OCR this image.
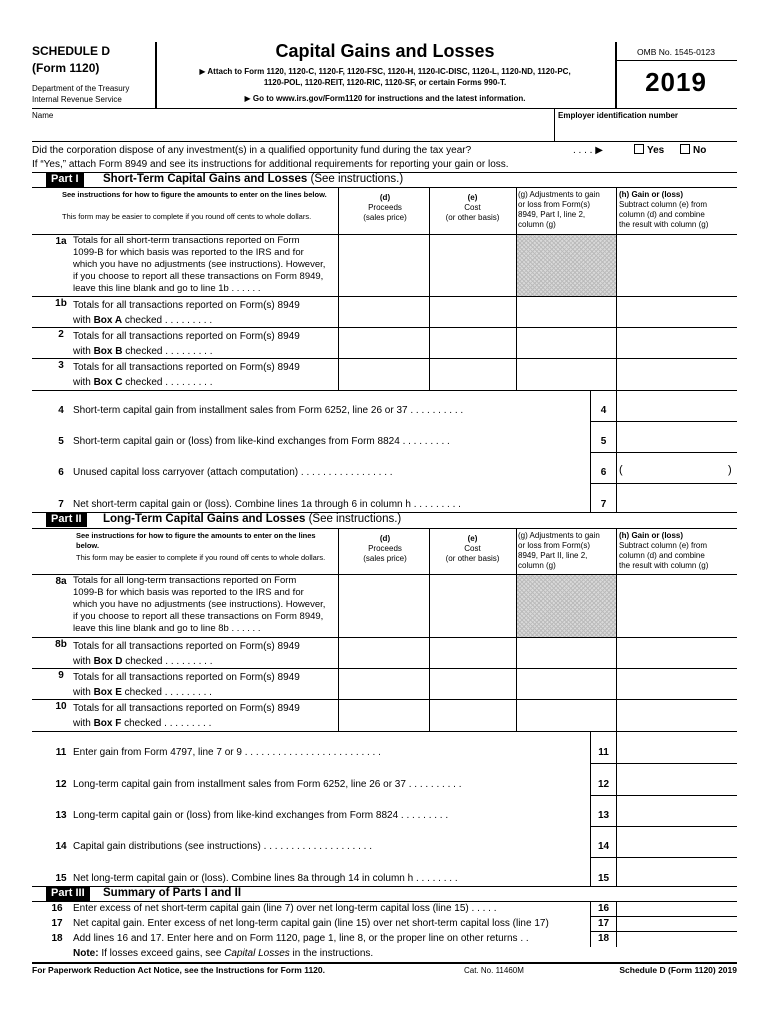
SCHEDULE D
(Form 1120)
Department of the Treasury
Internal Revenue Service
Capital Gains and Losses
▶ Attach to Form 1120, 1120-C, 1120-F, 1120-FSC, 1120-H, 1120-IC-DISC, 1120-L, 1120-ND, 1120-PC,
1120-POL, 1120-REIT, 1120-RIC, 1120-SF, or certain Forms 990-T.
▶ Go to www.irs.gov/Form1120 for instructions and the latest information.
OMB No. 1545-0123
2019
Name	Employer identification number
Did the corporation dispose of any investment(s) in a qualified opportunity fund during the tax year?	. . . . ▶	Yes	No
If “Yes,” attach Form 8949 and see its instructions for additional requirements for reporting your gain or loss.
Part I	Short-Term Capital Gains and Losses (See instructions.)
See instructions for how to figure the amounts to enter on the lines below.
This form may be easier to complete if you round off cents to whole dollars.
(d)
Proceeds
(sales price)
(e)
Cost
(or other basis)
(g) Adjustments to gain
or loss from Form(s)
8949, Part I, line 2,
column (g)
(h) Gain or (loss)
Subtract column (e) from
column (d) and combine
the result with column (g)
1a Totals for all short-term transactions reported on Form
1099-B for which basis was reported to the IRS and for
which you have no adjustments (see instructions). However,
if you choose to report all these transactions on Form 8949,
leave this line blank and go to line 1b . . . . . .
1b Totals for all transactions reported on Form(s) 8949
with Box A checked . . . . . . . . .
2 Totals for all transactions reported on Form(s) 8949
with Box B checked . . . . . . . . .
3 Totals for all transactions reported on Form(s) 8949
with Box C checked . . . . . . . . .
4 Short-term capital gain from installment sales from Form 6252, line 26 or 37 . . . . . . . . . .	4
5 Short-term capital gain or (loss) from like-kind exchanges from Form 8824 . . . . . . . . .	5
6 Unused capital loss carryover (attach computation) . . . . . . . . . . . . . . . . .	6	(	)
7 Net short-term capital gain or (loss). Combine lines 1a through 6 in column h . . . . . . . . .	7
Part II	Long-Term Capital Gains and Losses (See instructions.)
See instructions for how to figure the amounts to enter on the lines below.
This form may be easier to complete if you round off cents to whole dollars.
(d)
Proceeds
(sales price)
(e)
Cost
(or other basis)
(g) Adjustments to gain
or loss from Form(s)
8949, Part II, line 2,
column (g)
(h) Gain or (loss)
Subtract column (e) from
column (d) and combine
the result with column (g)
8a Totals for all long-term transactions reported on Form
1099-B for which basis was reported to the IRS and for
which you have no adjustments (see instructions). However,
if you choose to report all these transactions on Form 8949,
leave this line blank and go to line 8b . . . . . .
8b Totals for all transactions reported on Form(s) 8949
with Box D checked . . . . . . . . .
9 Totals for all transactions reported on Form(s) 8949
with Box E checked . . . . . . . . .
10 Totals for all transactions reported on Form(s) 8949
with Box F checked . . . . . . . . .
11 Enter gain from Form 4797, line 7 or 9 . . . . . . . . . . . . . . . . . . . . . . . . .	11
12 Long-term capital gain from installment sales from Form 6252, line 26 or 37 . . . . . . . . . .	12
13 Long-term capital gain or (loss) from like-kind exchanges from Form 8824 . . . . . . . . .	13
14 Capital gain distributions (see instructions) . . . . . . . . . . . . . . . . . . . .	14
15 Net long-term capital gain or (loss). Combine lines 8a through 14 in column h . . . . . . . .	15
Part III	Summary of Parts I and II
16	Enter excess of net short-term capital gain (line 7) over net long-term capital loss (line 15) . . . . .	16
17	Net capital gain. Enter excess of net long-term capital gain (line 15) over net short-term capital loss (line 17)	17
18	Add lines 16 and 17. Enter here and on Form 1120, page 1, line 8, or the proper line on other returns . .	18
Note: If losses exceed gains, see Capital Losses in the instructions.
For Paperwork Reduction Act Notice, see the Instructions for Form 1120.	Cat. No. 11460M	Schedule D (Form 1120) 2019
